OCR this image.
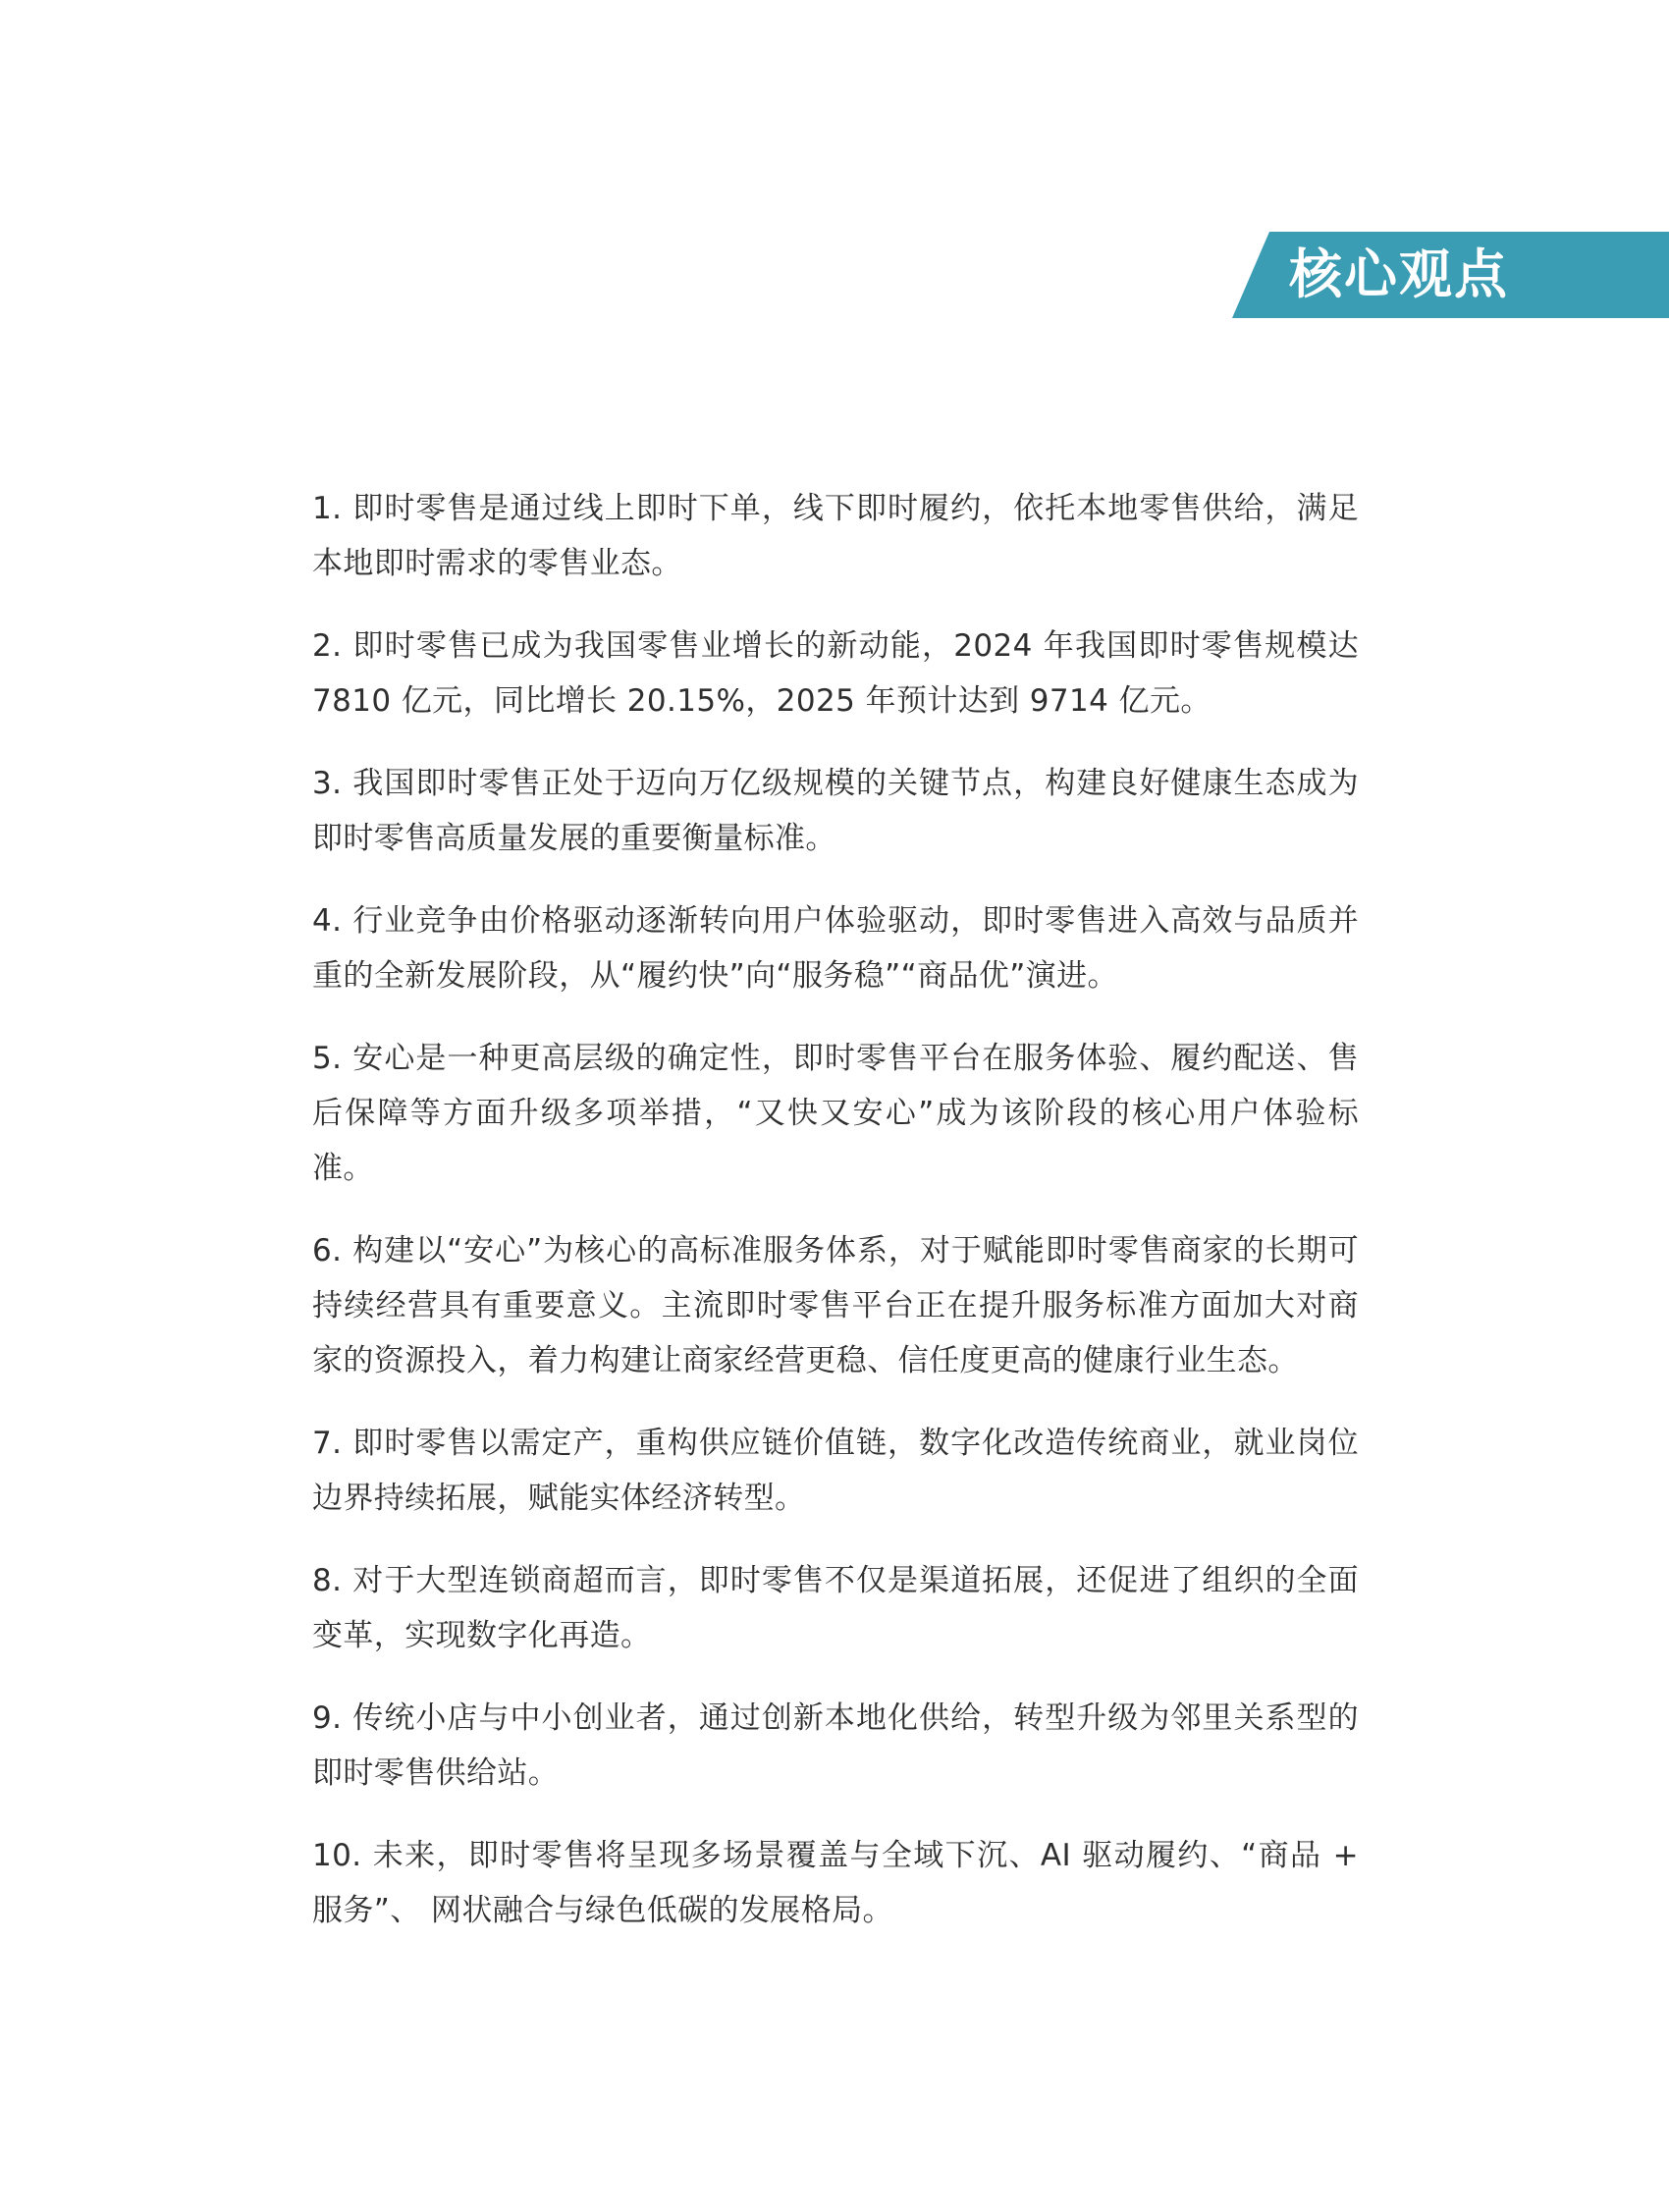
核心观点

1. 即时零售是通过线上即时下单，线下即时履约，依托本地零售供给，满足本地即时需求的零售业态。

2. 即时零售已成为我国零售业增长的新动能，2024 年我国即时零售规模达 7810 亿元，同比增长 20.15%，2025 年预计达到 9714 亿元。

3. 我国即时零售正处于迈向万亿级规模的关键节点，构建良好健康生态成为即时零售高质量发展的重要衡量标准。

4. 行业竞争由价格驱动逐渐转向用户体验驱动，即时零售进入高效与品质并重的全新发展阶段，从“履约快”向“服务稳”“商品优”演进。

5. 安心是一种更高层级的确定性，即时零售平台在服务体验、履约配送、售后保障等方面升级多项举措，“又快又安心”成为该阶段的核心用户体验标准。

6. 构建以“安心”为核心的高标准服务体系，对于赋能即时零售商家的长期可持续经营具有重要意义。主流即时零售平台正在提升服务标准方面加大对商家的资源投入，着力构建让商家经营更稳、信任度更高的健康行业生态。

7. 即时零售以需定产，重构供应链价值链，数字化改造传统商业，就业岗位边界持续拓展，赋能实体经济转型。

8. 对于大型连锁商超而言，即时零售不仅是渠道拓展，还促进了组织的全面变革，实现数字化再造。

9. 传统小店与中小创业者，通过创新本地化供给，转型升级为邻里关系型的即时零售供给站。

10. 未来，即时零售将呈现多场景覆盖与全域下沉、AI 驱动履约、“商品 + 服务”、 网状融合与绿色低碳的发展格局。
